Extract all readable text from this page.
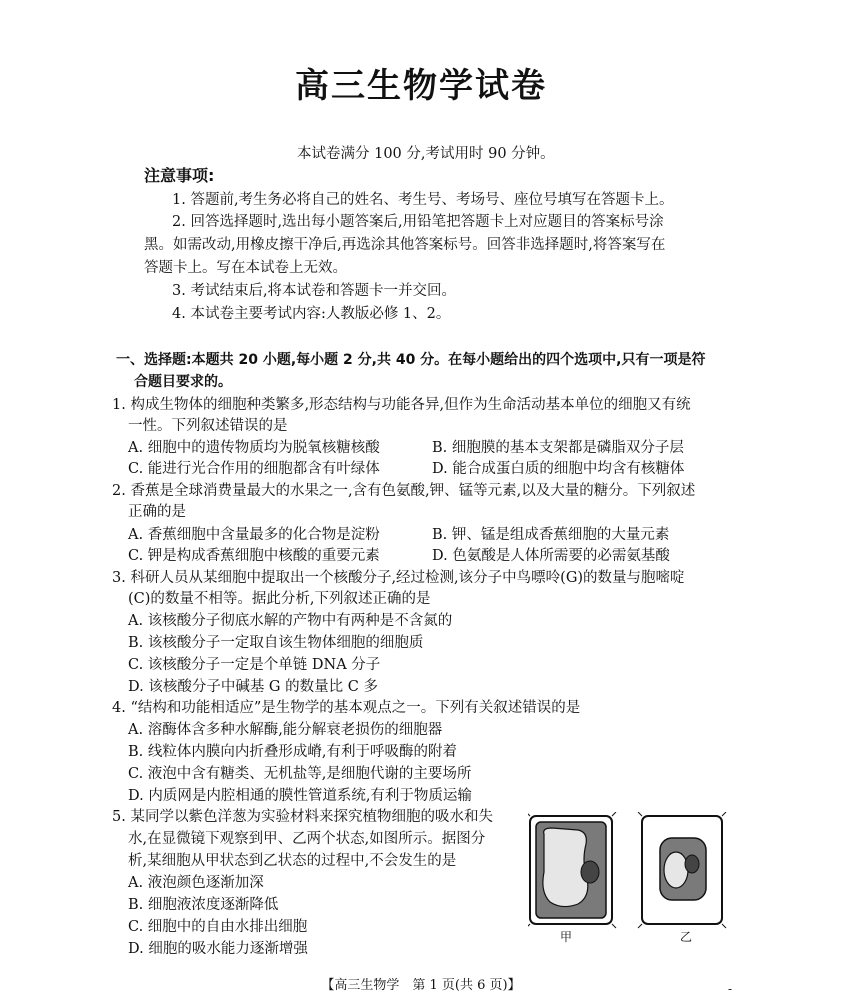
高三生物学试卷
本试卷满分 100 分,考试用时 90 分钟。
注意事项:
1. 答题前,考生务必将自己的姓名、考生号、考场号、座位号填写在答题卡上。
2. 回答选择题时,选出每小题答案后,用铅笔把答题卡上对应题目的答案标号涂
黑。如需改动,用橡皮擦干净后,再选涂其他答案标号。回答非选择题时,将答案写在
答题卡上。写在本试卷上无效。
3. 考试结束后,将本试卷和答题卡一并交回。
4. 本试卷主要考试内容:人教版必修 1、2。
一、选择题:本题共 20 小题,每小题 2 分,共 40 分。在每小题给出的四个选项中,只有一项是符
合题目要求的。
1. 构成生物体的细胞种类繁多,形态结构与功能各异,但作为生命活动基本单位的细胞又有统
一性。下列叙述错误的是
A. 细胞中的遗传物质均为脱氧核糖核酸	B. 细胞膜的基本支架都是磷脂双分子层
C. 能进行光合作用的细胞都含有叶绿体	D. 能合成蛋白质的细胞中均含有核糖体
2. 香蕉是全球消费量最大的水果之一,含有色氨酸,钾、锰等元素,以及大量的糖分。下列叙述
正确的是
A. 香蕉细胞中含量最多的化合物是淀粉	B. 钾、锰是组成香蕉细胞的大量元素
C. 钾是构成香蕉细胞中核酸的重要元素	D. 色氨酸是人体所需要的必需氨基酸
3. 科研人员从某细胞中提取出一个核酸分子,经过检测,该分子中鸟嘌呤(G)的数量与胞嘧啶
(C)的数量不相等。据此分析,下列叙述正确的是
A. 该核酸分子彻底水解的产物中有两种是不含氮的
B. 该核酸分子一定取自该生物体细胞的细胞质
C. 该核酸分子一定是个单链 DNA 分子
D. 该核酸分子中碱基 G 的数量比 C 多
4. “结构和功能相适应”是生物学的基本观点之一。下列有关叙述错误的是
A. 溶酶体含多种水解酶,能分解衰老损伤的细胞器
B. 线粒体内膜向内折叠形成嵴,有利于呼吸酶的附着
C. 液泡中含有糖类、无机盐等,是细胞代谢的主要场所
D. 内质网是内腔相通的膜性管道系统,有利于物质运输
5. 某同学以紫色洋葱为实验材料来探究植物细胞的吸水和失
水,在显微镜下观察到甲、乙两个状态,如图所示。据图分
析,某细胞从甲状态到乙状态的过程中,不会发生的是
A. 液泡颜色逐渐加深
B. 细胞液浓度逐渐降低
C. 细胞中的自由水排出细胞
D. 细胞的吸水能力逐渐增强
甲	乙
【高三生物学　第 1 页(共 6 页)】	-
